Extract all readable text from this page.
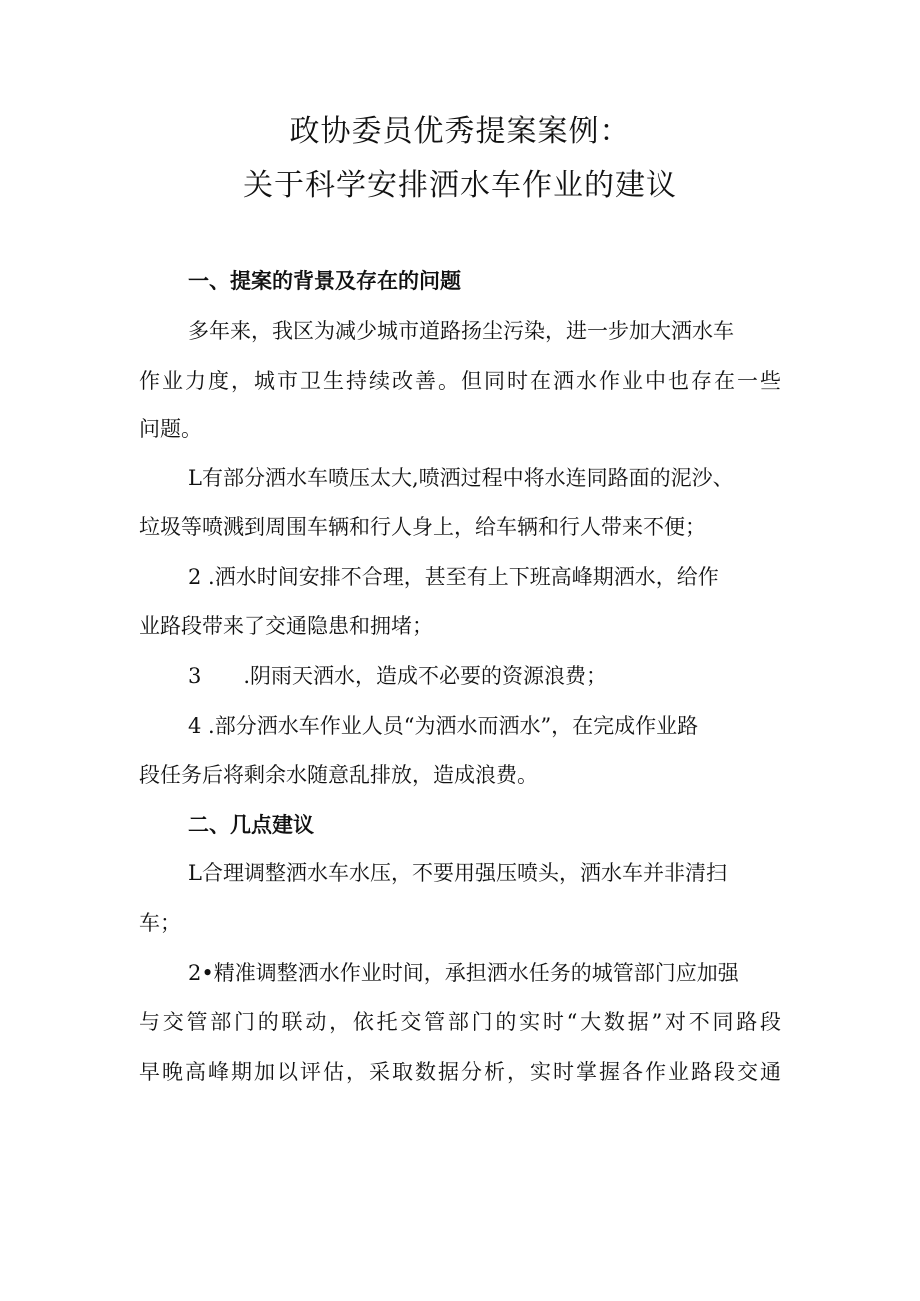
政协委员优秀提案案例：
关于科学安排洒水车作业的建议
一、提案的背景及存在的问题
多年来，我区为减少城市道路扬尘污染，进一步加大洒水车
作业力度，城市卫生持续改善。但同时在洒水作业中也存在一些
问题。
L有部分洒水车喷压太大,喷洒过程中将水连同路面的泥沙、
垃圾等喷溅到周围车辆和行人身上，给车辆和行人带来不便；
2 .洒水时间安排不合理，甚至有上下班高峰期洒水，给作
业路段带来了交通隐患和拥堵；
3　　.阴雨天洒水，造成不必要的资源浪费；
4 .部分洒水车作业人员“为洒水而洒水”，在完成作业路
段任务后将剩余水随意乱排放，造成浪费。
二、几点建议
L合理调整洒水车水压，不要用强压喷头，洒水车并非清扫
车；
2•精准调整洒水作业时间，承担洒水任务的城管部门应加强
与交管部门的联动，依托交管部门的实时“大数据”对不同路段
早晚高峰期加以评估，采取数据分析，实时掌握各作业路段交通
